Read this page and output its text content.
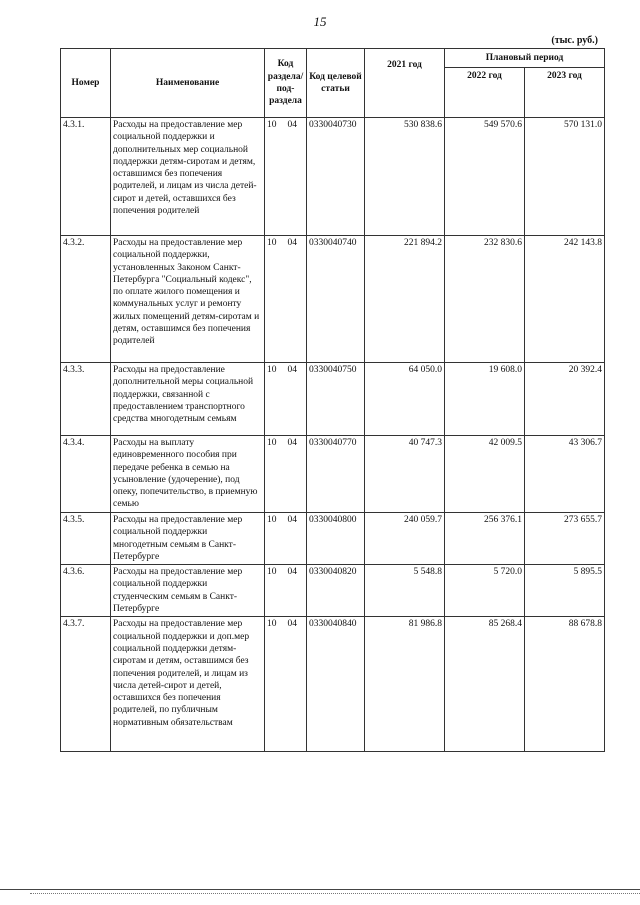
15
(тыс. руб.)
Номер	Наименование	Код раздела/ под-раздела	Код целевой статьи	2021 год	Плановый период	
					2022 год	2023 год
4.3.1.	Расходы на предоставление мер социальной поддержки и дополнительных мер социальной поддержки детям-сиротам и детям, оставшимся без попечения родителей, и лицам из числа детей-сирот и детей, оставшихся без попечения родителей	10 04	0330040730	530 838.6	549 570.6	570 131.0
4.3.2.	Расходы на предоставление мер социальной поддержки, установленных Законом Санкт-Петербурга "Социальный кодекс", по оплате жилого помещения и коммунальных услуг и ремонту жилых помещений детям-сиротам и детям, оставшимся без попечения родителей	10 04	0330040740	221 894.2	232 830.6	242 143.8
4.3.3.	Расходы на предоставление дополнительной меры социальной поддержки, связанной с предоставлением транспортного средства многодетным семьям	10 04	0330040750	64 050.0	19 608.0	20 392.4
4.3.4.	Расходы на выплату единовременного пособия при передаче ребенка в семью на усыновление (удочерение), под опеку, попечительство, в приемную семью	10 04	0330040770	40 747.3	42 009.5	43 306.7
4.3.5.	Расходы на предоставление мер социальной поддержки многодетным семьям в Санкт-Петербурге	10 04	0330040800	240 059.7	256 376.1	273 655.7
4.3.6.	Расходы на предоставление мер социальной поддержки студенческим семьям в Санкт-Петербурге	10 04	0330040820	5 548.8	5 720.0	5 895.5
4.3.7.	Расходы на предоставление мер социальной поддержки и доп.мер социальной поддержки детям-сиротам и детям, оставшимся без попечения родителей, и лицам из числа детей-сирот и детей, оставшихся без попечения родителей, по публичным нормативным обязательствам	10 04	0330040840	81 986.8	85 268.4	88 678.8
